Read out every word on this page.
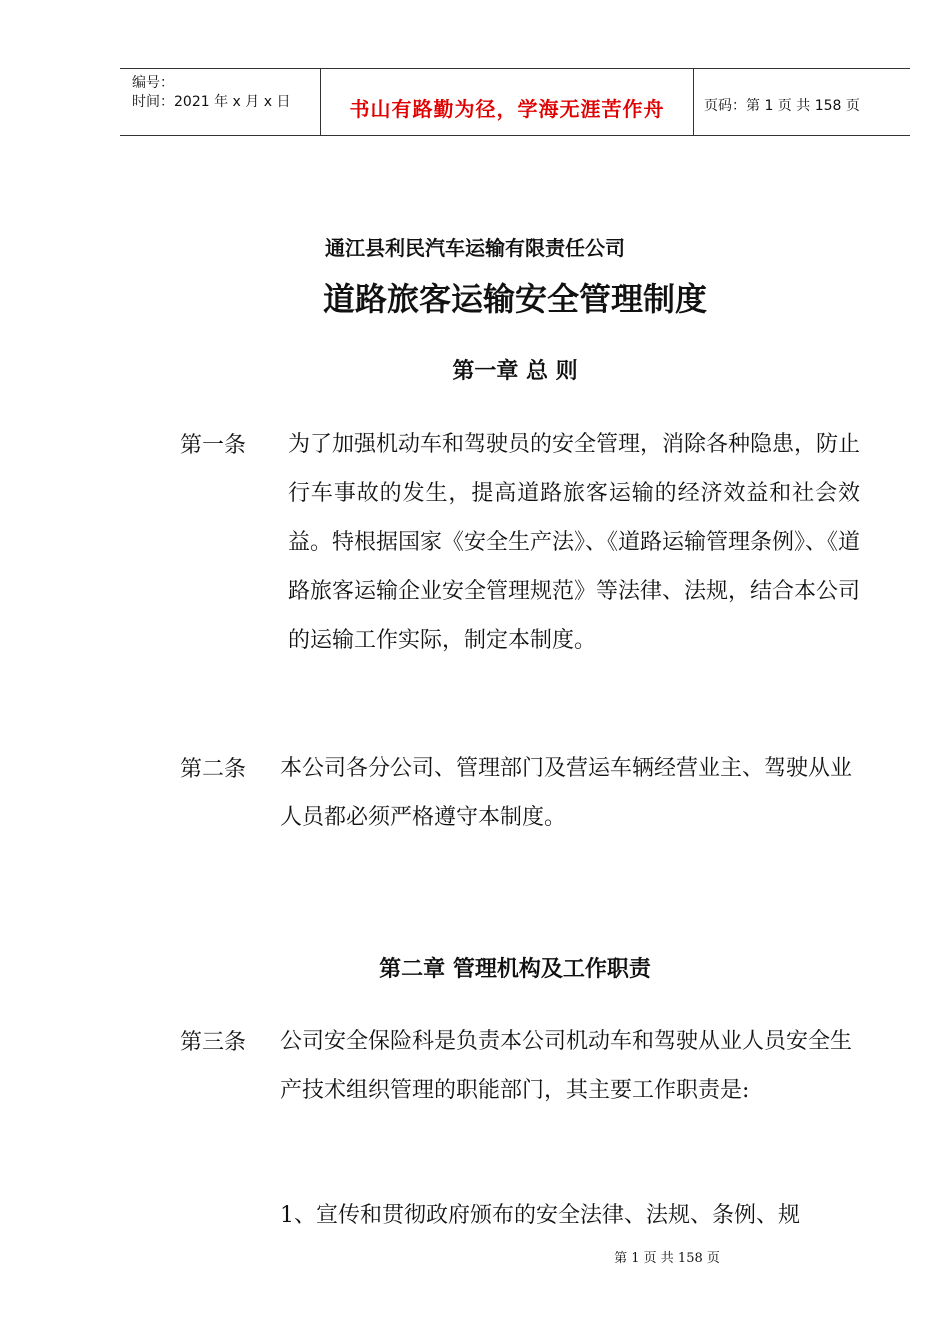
编号：
时间：2021 年 x 月 x 日	书山有路勤为径，学海无涯苦作舟	页码：第 1 页 共 158 页
通江县利民汽车运输有限责任公司
道路旅客运输安全管理制度
第一章 总 则
第一条 为了加强机动车和驾驶员的安全管理，消除各种隐患，防止行车事故的发生，提高道路旅客运输的经济效益和社会效益。特根据国家《安全生产法》、《道路运输管理条例》、《道路旅客运输企业安全管理规范》等法律、法规，结合本公司的运输工作实际，制定本制度。
第二条 本公司各分公司、管理部门及营运车辆经营业主、驾驶从业人员都必须严格遵守本制度。
第二章 管理机构及工作职责
第三条 公司安全保险科是负责本公司机动车和驾驶从业人员安全生产技术组织管理的职能部门，其主要工作职责是:
1、宣传和贯彻政府颁布的安全法律、法规、条例、规
第 1 页 共 158 页
